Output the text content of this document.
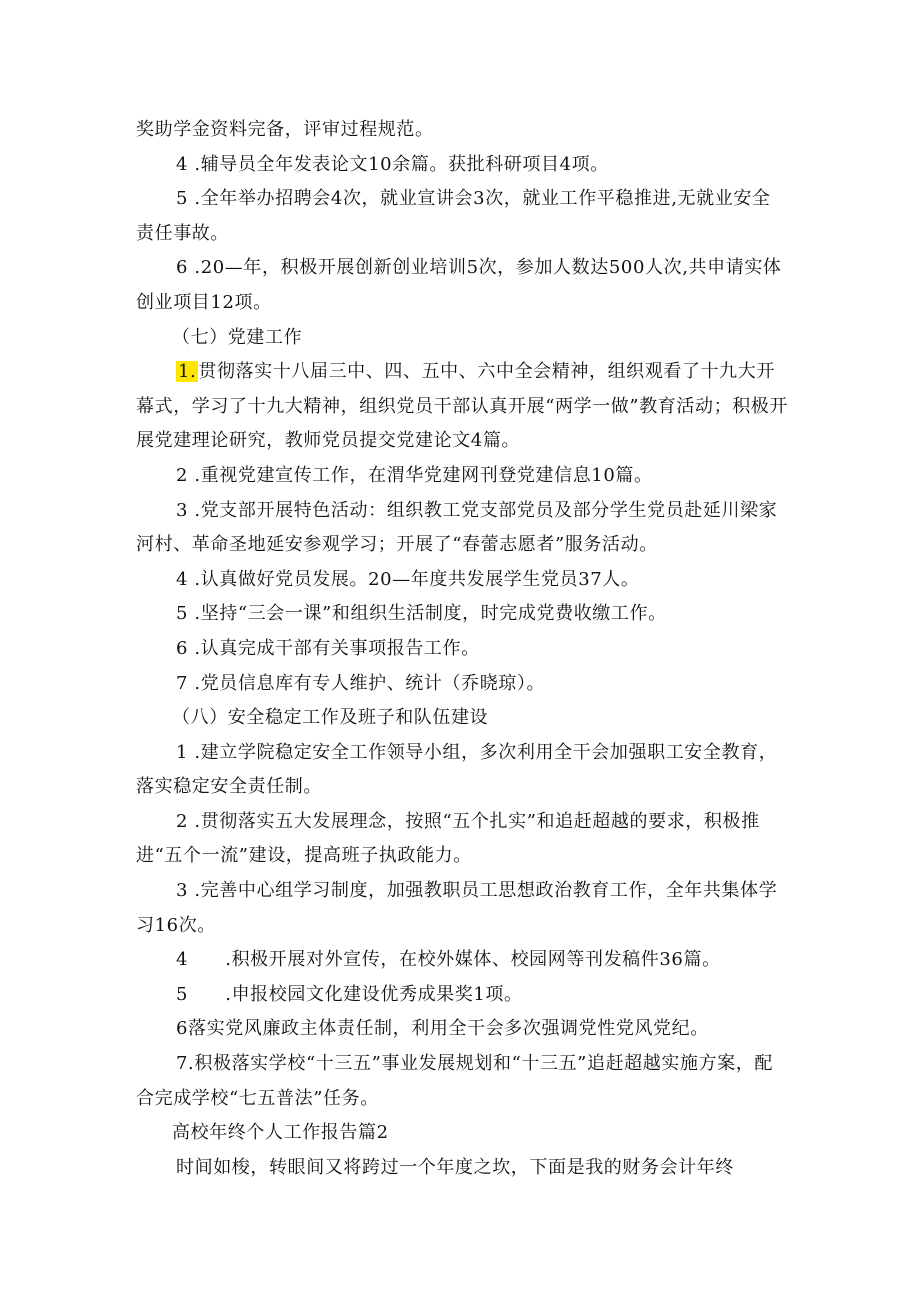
奖助学金资料完备，评审过程规范。

4 .辅导员全年发表论文10余篇。获批科研项目4项。

5 .全年举办招聘会4次，就业宣讲会3次，就业工作平稳推进,无就业安全责任事故。

6 .20—年，积极开展创新创业培训5次，参加人数达500人次,共申请实体创业项目12项。

（七）党建工作

1. 贯彻落实十八届三中、四、五中、六中全会精神，组织观看了十九大开幕式，学习了十九大精神，组织党员干部认真开展“两学一做”教育活动；积极开展党建理论研究，教师党员提交党建论文4篇。

2 .重视党建宣传工作，在渭华党建网刊登党建信息10篇。

3 .党支部开展特色活动：组织教工党支部党员及部分学生党员赴延川梁家河村、革命圣地延安参观学习；开展了“春蕾志愿者”服务活动。

4 .认真做好党员发展。20—年度共发展学生党员37人。

5 .坚持“三会一课”和组织生活制度，时完成党费收缴工作。

6 .认真完成干部有关事项报告工作。

7 .党员信息库有专人维护、统计（乔晓琼）。

（八）安全稳定工作及班子和队伍建设

1 .建立学院稳定安全工作领导小组，多次利用全干会加强职工安全教育，落实稳定安全责任制。

2 .贯彻落实五大发展理念，按照“五个扎实”和追赶超越的要求，积极推进“五个一流”建设，提高班子执政能力。

3 .完善中心组学习制度，加强教职员工思想政治教育工作，全年共集体学习16次。

4　　.积极开展对外宣传，在校外媒体、校园网等刊发稿件36篇。

5　　.申报校园文化建设优秀成果奖1项。

6落实党风廉政主体责任制，利用全干会多次强调党性党风党纪。

7.积极落实学校“十三五”事业发展规划和“十三五”追赶超越实施方案，配合完成学校“七五普法”任务。

高校年终个人工作报告篇2

时间如梭，转眼间又将跨过一个年度之坎，下面是我的财务会计年终
